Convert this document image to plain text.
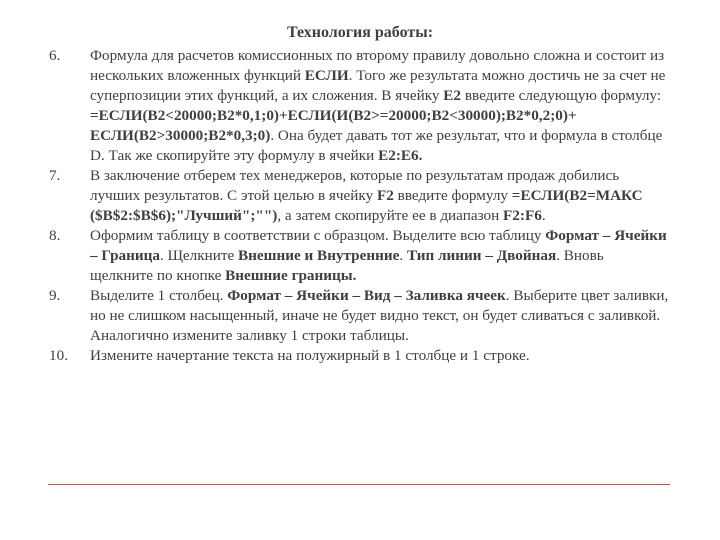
Технология работы:
6. Формула для расчетов комиссионных по второму правилу довольно сложна и состоит из нескольких вложенных функций ЕСЛИ. Того же результата можно достичь не за счет не суперпозиции этих функций, а их сложения. В ячейку Е2 введите следующую формулу: =ЕСЛИ(В2<20000;В2*0,1;0)+ЕСЛИ(И(В2>=20000;В2<30000);В2*0,2;0)+ ЕСЛИ(В2>30000;В2*0,3;0). Она будет давать тот же результат, что и формула в столбце D. Так же скопируйте эту формулу в ячейки Е2:Е6.
7. В заключение отберем тех менеджеров, которые по результатам продаж добились лучших результатов. С этой целью в ячейку F2 введите формулу =ЕСЛИ(В2=МАКС ($В$2:$В$6);"Лучший";""), а затем скопируйте ее в диапазон F2:F6.
8. Оформим таблицу в соответствии с образцом. Выделите всю таблицу Формат – Ячейки – Граница. Щелкните Внешние и Внутренние. Тип линии – Двойная. Вновь щелкните по кнопке Внешние границы.
9. Выделите 1 столбец. Формат – Ячейки – Вид – Заливка ячеек. Выберите цвет заливки, но не слишком насыщенный, иначе не будет видно текст, он будет сливаться с заливкой. Аналогично измените заливку 1 строки таблицы.
10. Измените начертание текста на полужирный в 1 столбце и 1 строке.
